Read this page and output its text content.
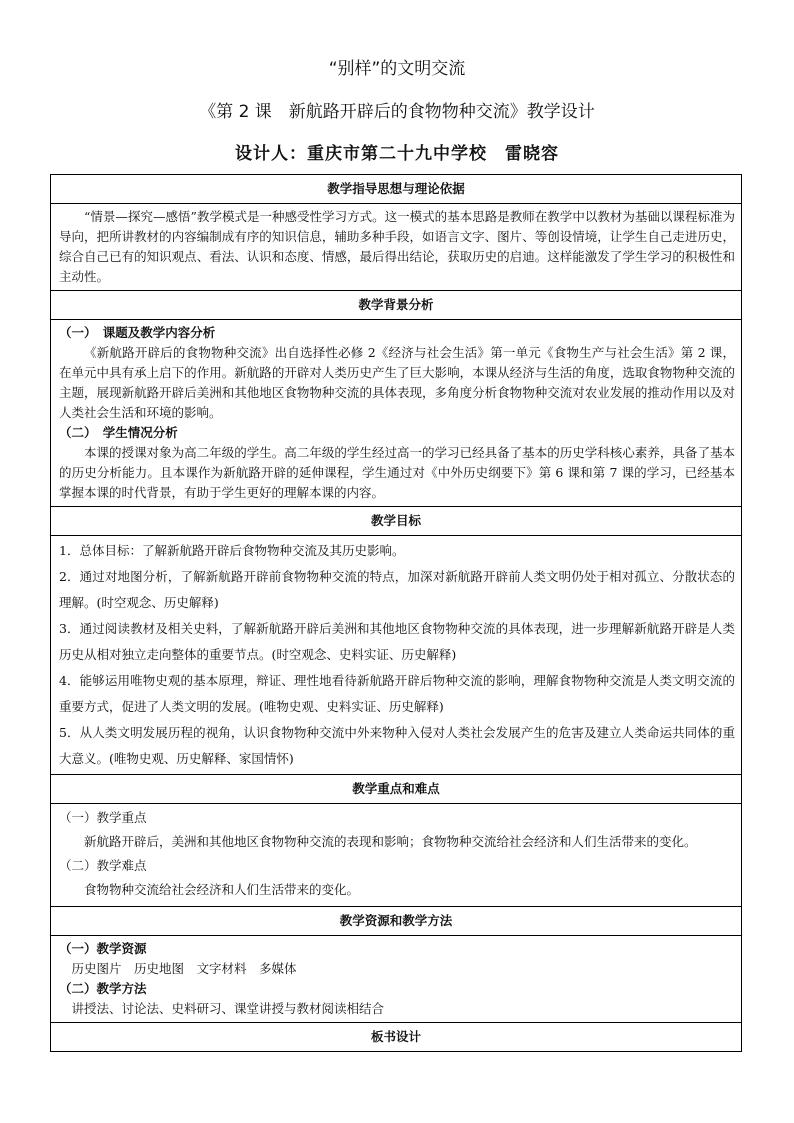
“别样”的文明交流
《第 2 课　新航路开辟后的食物物种交流》教学设计
设计人：重庆市第二十九中学校　雷晓容
教学指导思想与理论依据

“情景—探究—感悟”教学模式是一种感受性学习方式。这一模式的基本思路是教师在教学中以教材为基础以课程标准为导向，把所讲教材的内容编制成有序的知识信息，辅助多种手段，如语言文字、图片、等创设情境，让学生自己走进历史，综合自己已有的知识观点、看法、认识和态度、情感，最后得出结论，获取历史的启迪。这样能激发了学生学习的积极性和主动性。

教学背景分析

（一）　课题及教学内容分析

《新航路开辟后的食物物种交流》出自选择性必修 2《经济与社会生活》第一单元《食物生产与社会生活》第 2 课，在单元中具有承上启下的作用。新航路的开辟对人类历史产生了巨大影响，本课从经济与生活的角度，选取食物物种交流的主题，展现新航路开辟后美洲和其他地区食物物种交流的具体表现，多角度分析食物物种交流对农业发展的推动作用以及对人类社会生活和环境的影响。

（二）　学生情况分析

本课的授课对象为高二年级的学生。高二年级的学生经过高一的学习已经具备了基本的历史学科核心素养，具备了基本的历史分析能力。且本课作为新航路开辟的延伸课程，学生通过对《中外历史纲要下》第 6 课和第 7 课的学习，已经基本掌握本课的时代背景，有助于学生更好的理解本课的内容。

教学目标

1．总体目标：了解新航路开辟后食物物种交流及其历史影响。

2．通过对地图分析，了解新航路开辟前食物物种交流的特点，加深对新航路开辟前人类文明仍处于相对孤立、分散状态的理解。(时空观念、历史解释)

3．通过阅读教材及相关史料，了解新航路开辟后美洲和其他地区食物物种交流的具体表现，进一步理解新航路开辟是人类历史从相对独立走向整体的重要节点。(时空观念、史料实证、历史解释)

4．能够运用唯物史观的基本原理，辩证、理性地看待新航路开辟后物种交流的影响，理解食物物种交流是人类文明交流的重要方式，促进了人类文明的发展。(唯物史观、史料实证、历史解释)

5．从人类文明发展历程的视角，认识食物物种交流中外来物种入侵对人类社会发展产生的危害及建立人类命运共同体的重大意义。(唯物史观、历史解释、家国情怀)

教学重点和难点

（一）教学重点

新航路开辟后，美洲和其他地区食物物种交流的表现和影响；食物物种交流给社会经济和人们生活带来的变化。

（二）教学难点

食物物种交流给社会经济和人们生活带来的变化。

教学资源和教学方法

（一）教学资源

历史图片　历史地图　文字材料　多媒体

（二）教学方法

讲授法、讨论法、史料研习、课堂讲授与教材阅读相结合

板书设计
